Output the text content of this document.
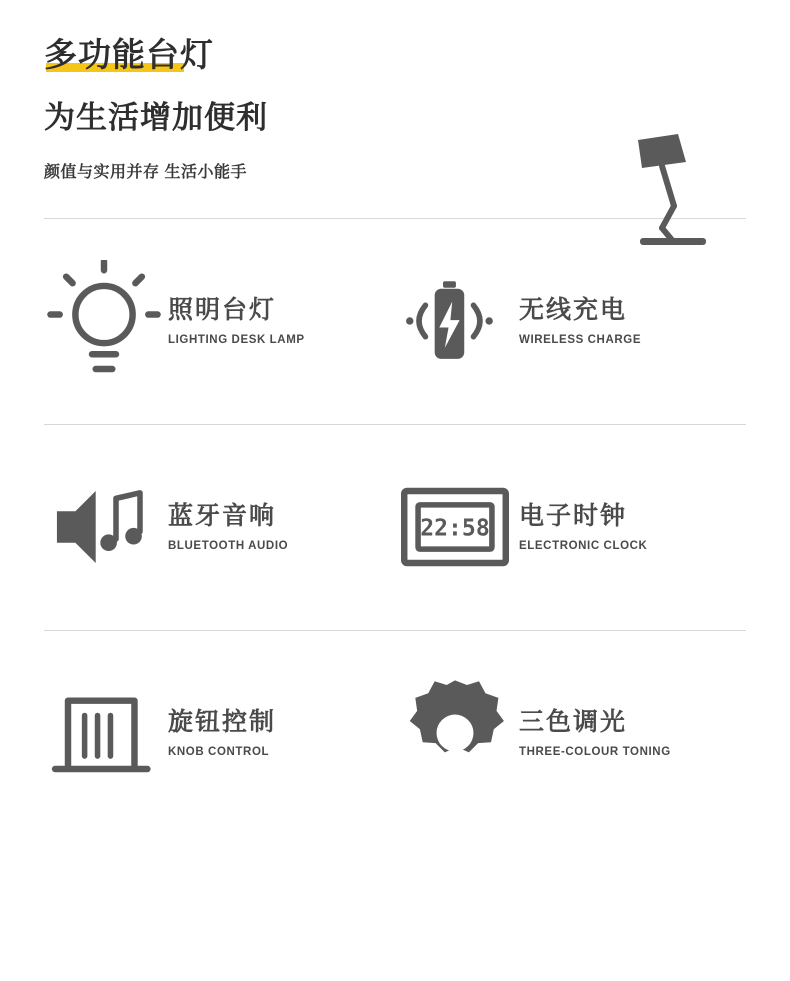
多功能台灯
为生活增加便利
颜值与实用并存 生活小能手
照明台灯
LIGHTING DESK LAMP
无线充电
WIRELESS CHARGE
蓝牙音响
BLUETOOTH AUDIO
22:58 电子时钟
ELECTRONIC CLOCK
旋钮控制
KNOB CONTROL
三色调光
THREE-COLOUR TONING
